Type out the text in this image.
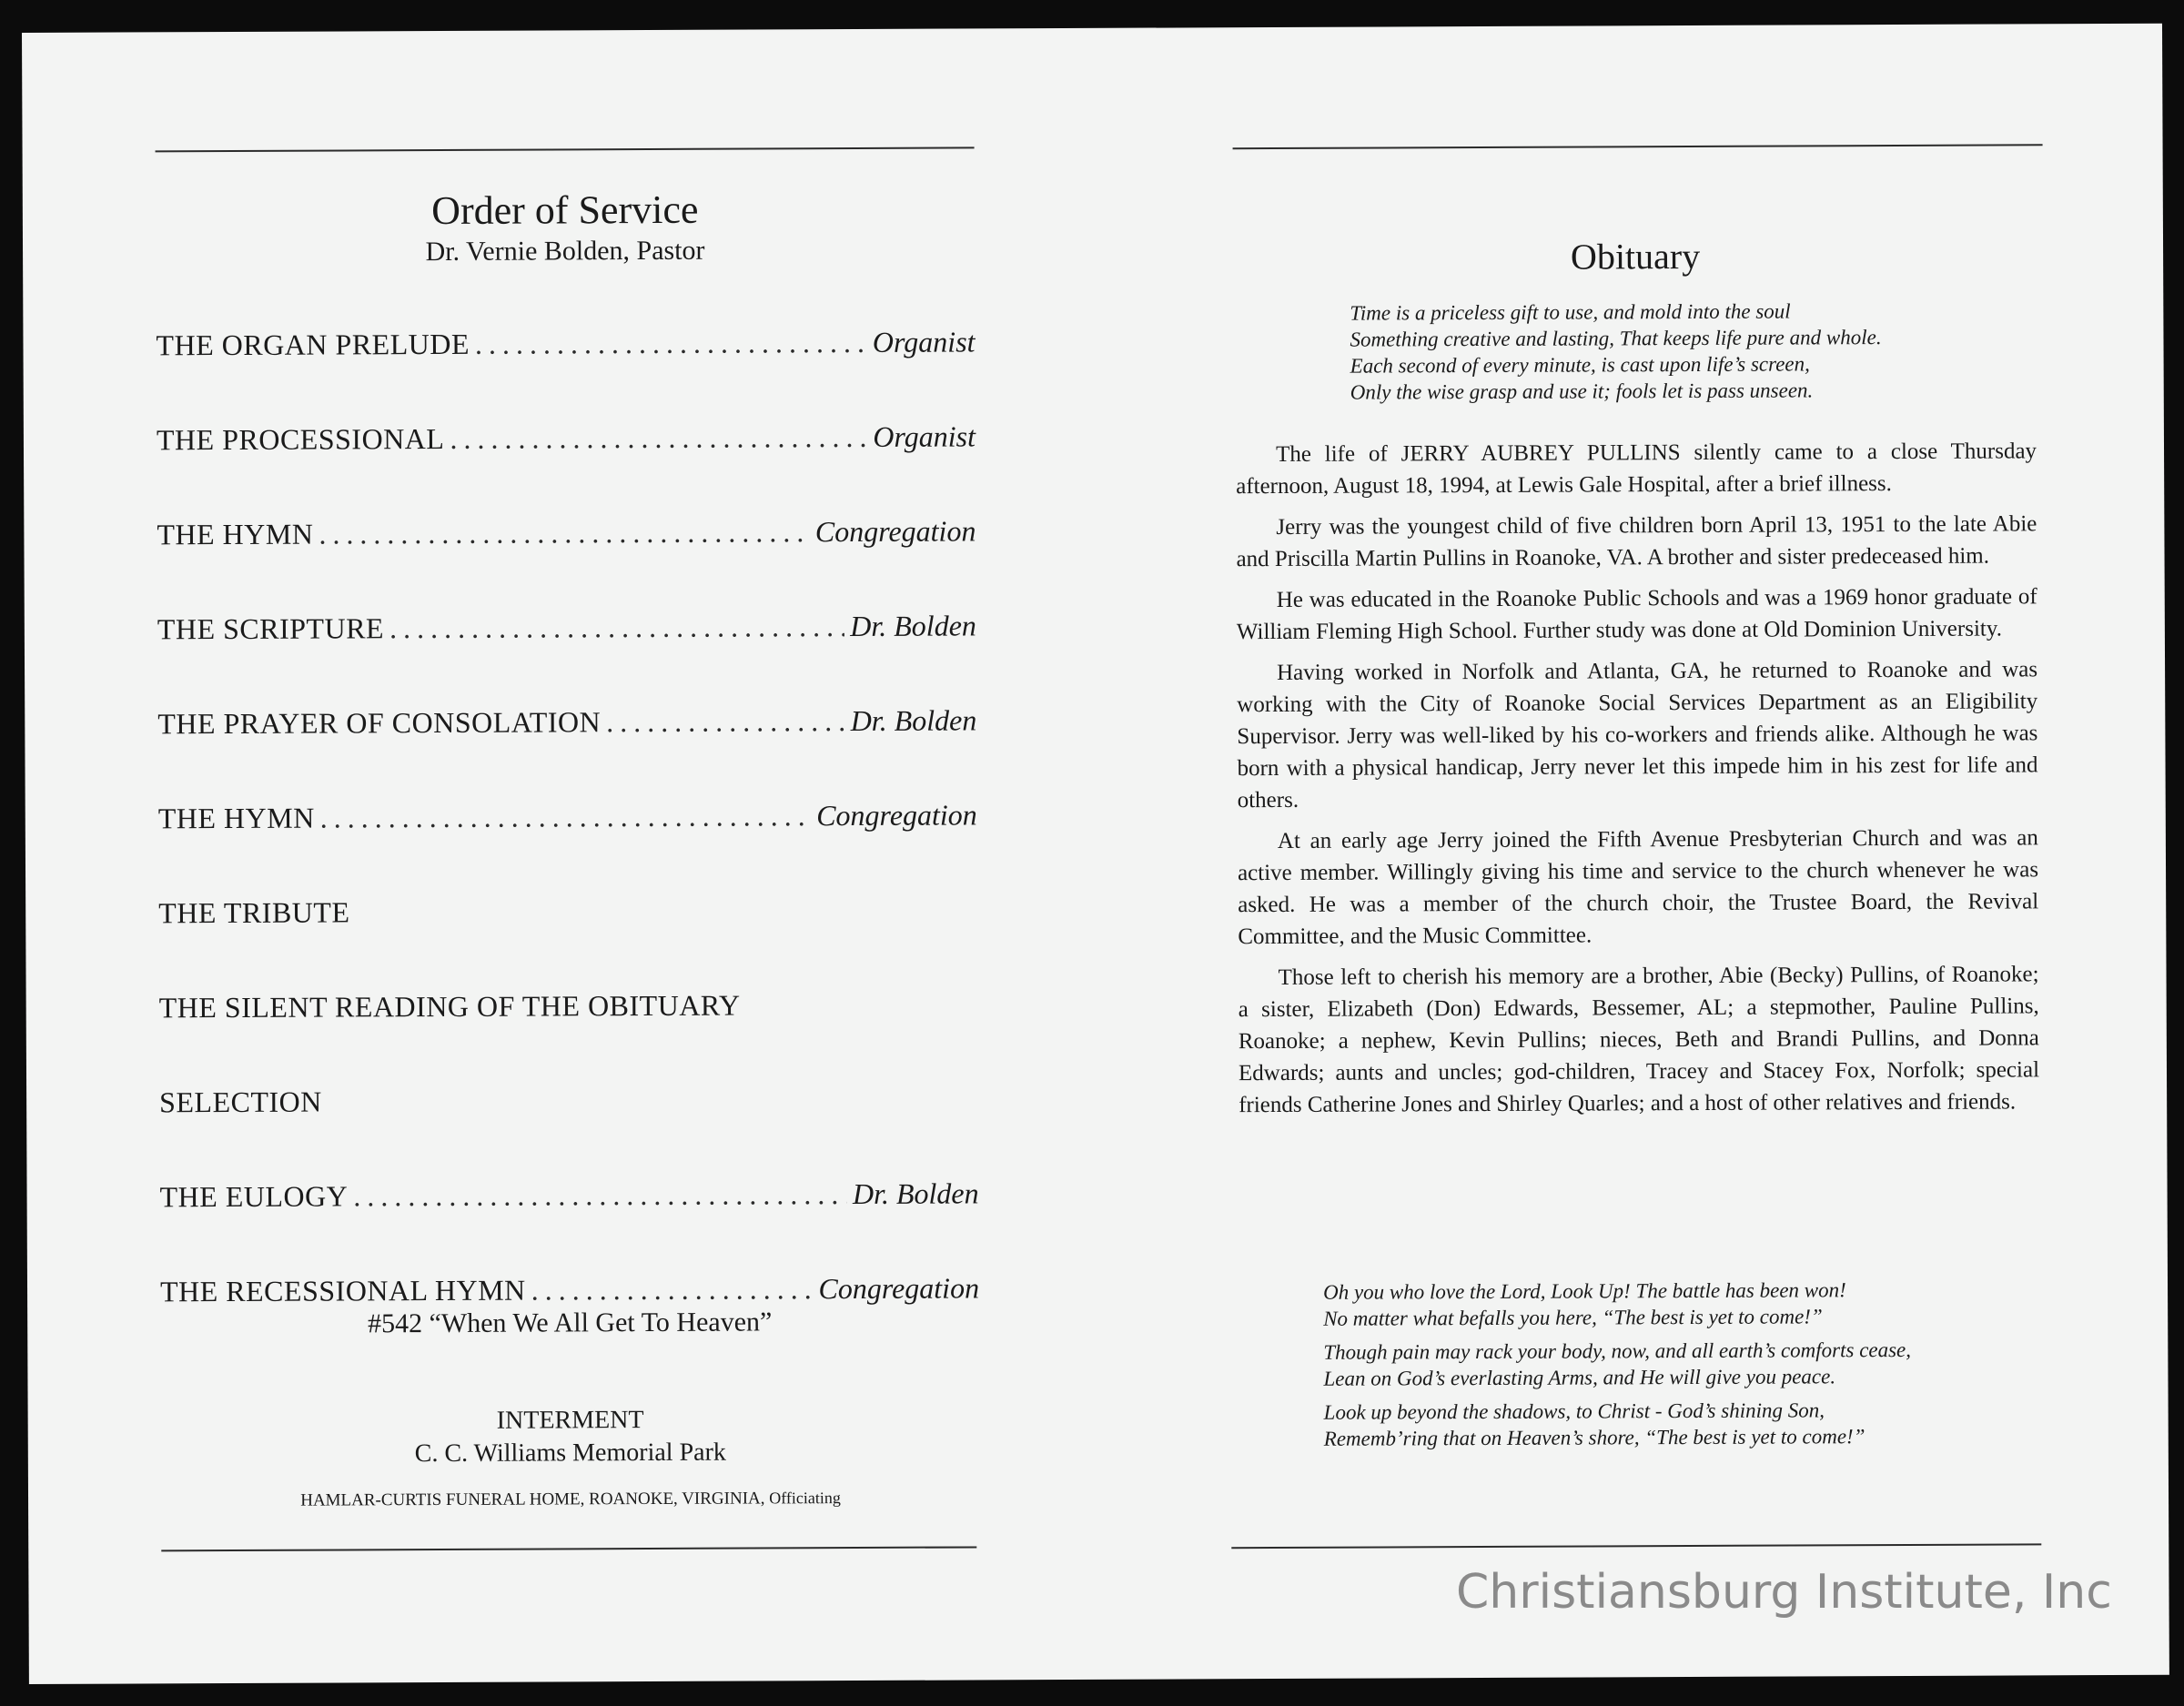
Order of Service
Dr. Vernie Bolden, Pastor
THE ORGAN PRELUDE .....	Organist
THE PROCESSIONAL .....	Organist
THE HYMN .....	Congregation
THE SCRIPTURE .....	Dr. Bolden
THE PRAYER OF CONSOLATION .....	Dr. Bolden
THE HYMN .....	Congregation
THE TRIBUTE
THE SILENT READING OF THE OBITUARY
SELECTION
THE EULOGY .....	Dr. Bolden
THE RECESSIONAL HYMN .....	Congregation
#542 “When We All Get To Heaven”
INTERMENT
C. C. Williams Memorial Park
HAMLAR-CURTIS FUNERAL HOME, ROANOKE, VIRGINIA, Officiating
Obituary
Time is a priceless gift to use, and mold into the soul
Something creative and lasting, That keeps life pure and whole.
Each second of every minute, is cast upon life’s screen,
Only the wise grasp and use it; fools let is pass unseen.

The life of JERRY AUBREY PULLINS silently came to a close Thursday afternoon, August 18, 1994, at Lewis Gale Hospital, after a brief illness.

Jerry was the youngest child of five children born April 13, 1951 to the late Abie and Priscilla Martin Pullins in Roanoke, VA. A brother and sister predeceased him.

He was educated in the Roanoke Public Schools and was a 1969 honor graduate of William Fleming High School. Further study was done at Old Dominion University.

Having worked in Norfolk and Atlanta, GA, he returned to Roanoke and was working with the City of Roanoke Social Services Department as an Eligibility Supervisor. Jerry was well-liked by his co-workers and friends alike. Although he was born with a physical handicap, Jerry never let this impede him in his zest for life and others.

At an early age Jerry joined the Fifth Avenue Presbyterian Church and was an active member. Willingly giving his time and service to the church whenever he was asked. He was a member of the church choir, the Trustee Board, the Revival Committee, and the Music Committee.

Those left to cherish his memory are a brother, Abie (Becky) Pullins, of Roanoke; a sister, Elizabeth (Don) Edwards, Bessemer, AL; a stepmother, Pauline Pullins, Roanoke; a nephew, Kevin Pullins; nieces, Beth and Brandi Pullins, and Donna Edwards; aunts and uncles; god-children, Tracey and Stacey Fox, Norfolk; special friends Catherine Jones and Shirley Quarles; and a host of other relatives and friends.

Oh you who love the Lord, Look Up! The battle has been won!
No matter what befalls you here, “The best is yet to come!”
Though pain may rack your body, now, and all earth’s comforts cease,
Lean on God’s everlasting Arms, and He will give you peace.
Look up beyond the shadows, to Christ - God’s shining Son,
Rememb’ring that on Heaven’s shore, “The best is yet to come!”
Christiansburg Institute, Inc
